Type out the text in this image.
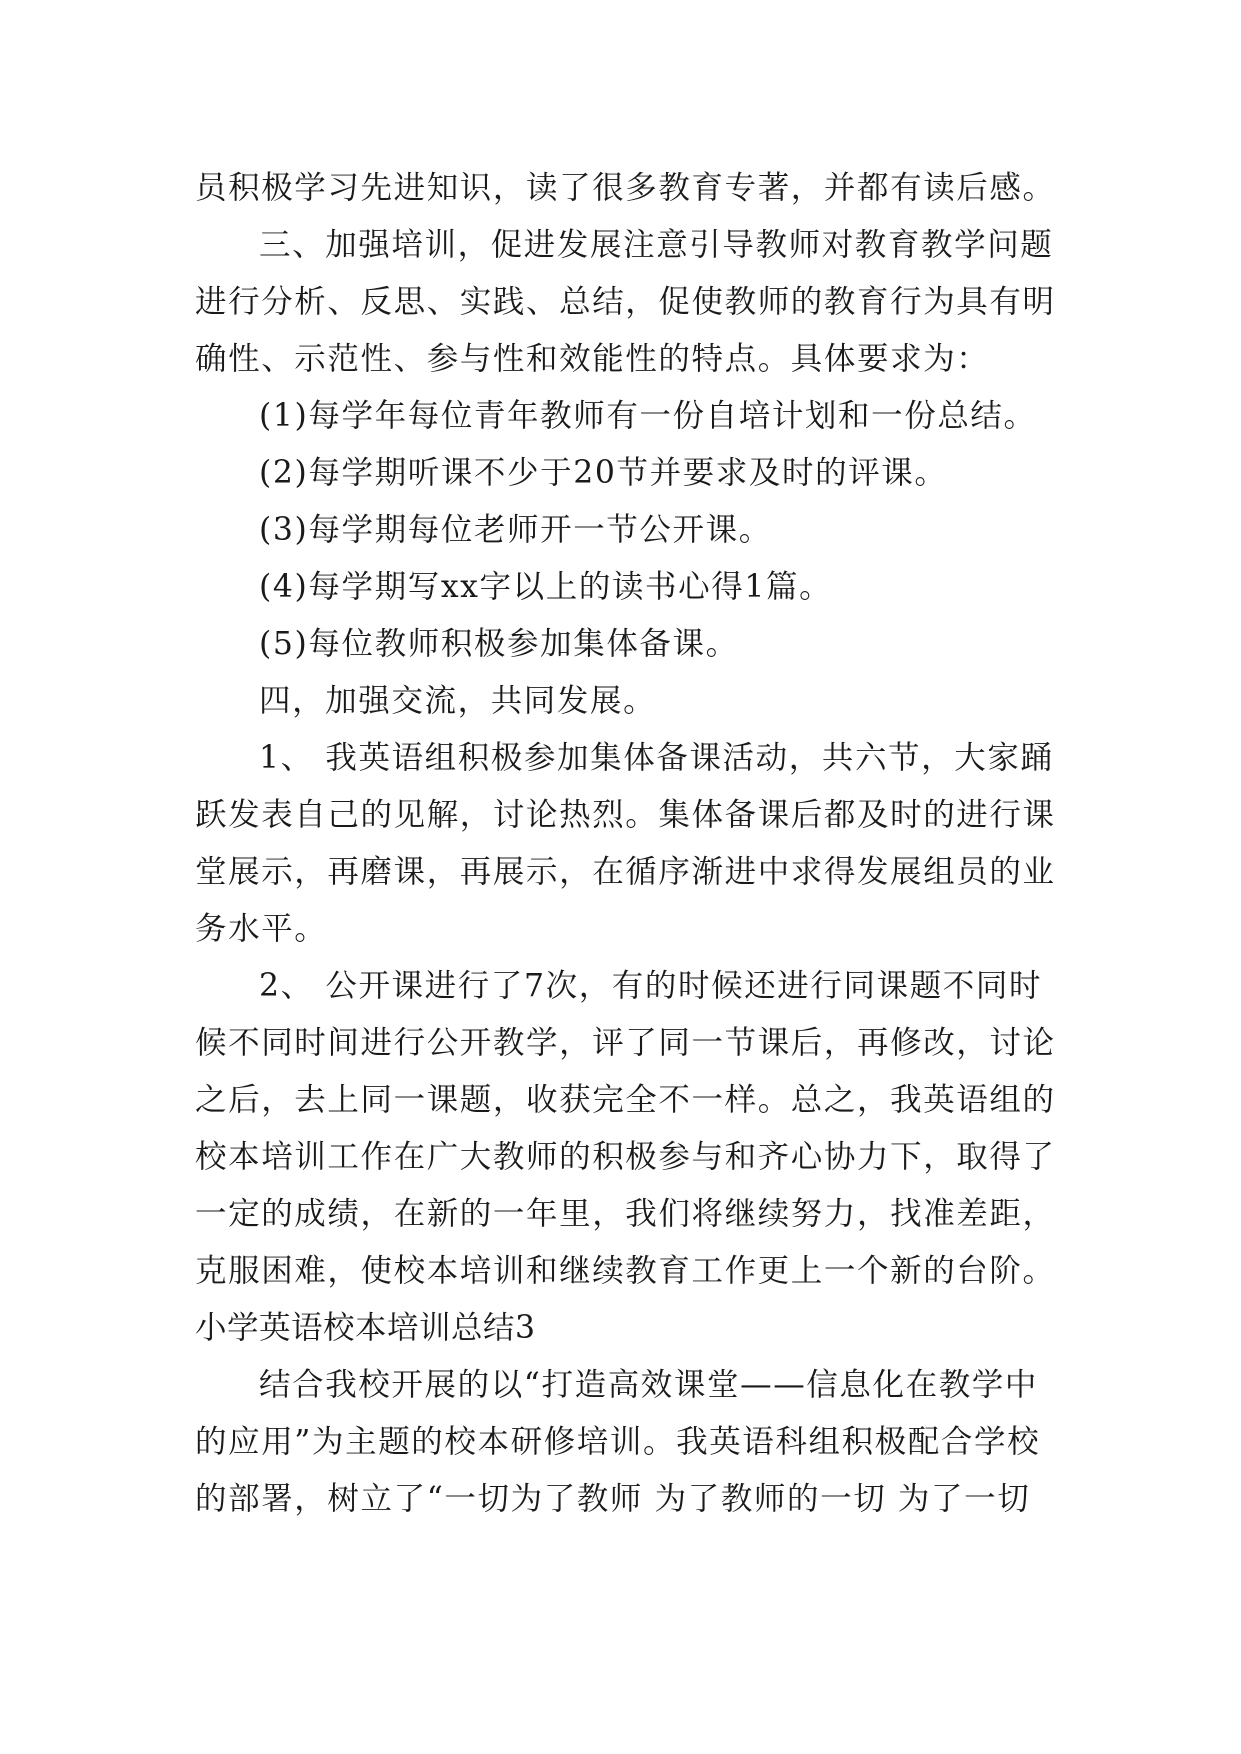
员积极学习先进知识，读了很多教育专著，并都有读后感。
三、加强培训，促进发展注意引导教师对教育教学问题
进行分析、反思、实践、总结，促使教师的教育行为具有明
确性、示范性、参与性和效能性的特点。具体要求为：
(1)每学年每位青年教师有一份自培计划和一份总结。
(2)每学期听课不少于20节并要求及时的评课。
(3)每学期每位老师开一节公开课。
(4)每学期写xx字以上的读书心得1篇。
(5)每位教师积极参加集体备课。
四，加强交流，共同发展。
1、 我英语组积极参加集体备课活动，共六节，大家踊
跃发表自己的见解，讨论热烈。集体备课后都及时的进行课
堂展示，再磨课，再展示，在循序渐进中求得发展组员的业
务水平。
2、 公开课进行了7次，有的时候还进行同课题不同时
候不同时间进行公开教学，评了同一节课后，再修改，讨论
之后，去上同一课题，收获完全不一样。总之，我英语组的
校本培训工作在广大教师的积极参与和齐心协力下，取得了
一定的成绩，在新的一年里，我们将继续努力，找准差距，
克服困难，使校本培训和继续教育工作更上一个新的台阶。
小学英语校本培训总结3
结合我校开展的以“打造高效课堂——信息化在教学中
的应用”为主题的校本研修培训。我英语科组积极配合学校
的部署，树立了“一切为了教师 为了教师的一切 为了一切
